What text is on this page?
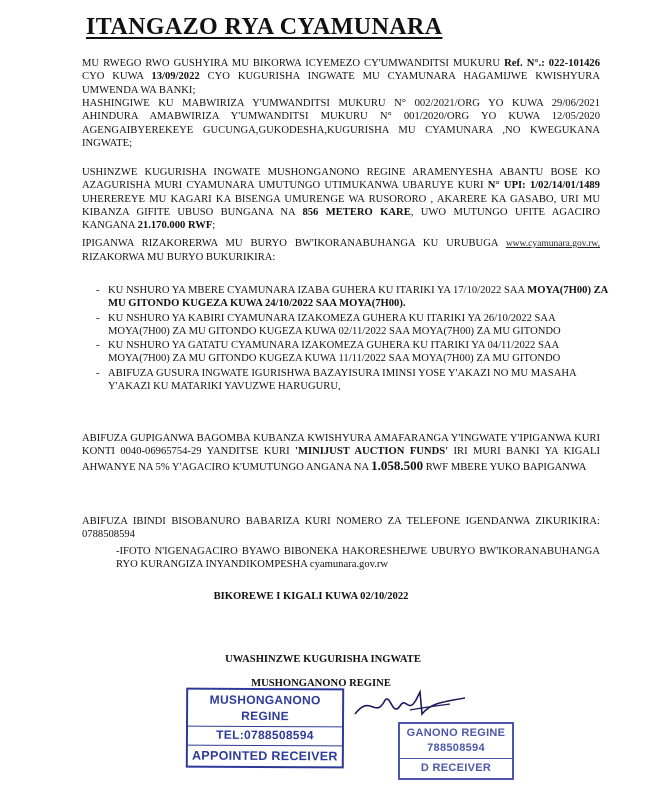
ITANGAZO RYA CYAMUNARA
MU RWEGO RWO GUSHYIRA MU BIKORWA ICYEMEZO CY'UMWANDITSI MUKURU Ref. N°.: 022-101426 CYO KUWA 13/09/2022 CYO KUGURISHA INGWATE MU CYAMUNARA HAGAMIJWE KWISHYURA UMWENDA WA BANKI;
HASHINGIWE KU MABWIRIZA Y'UMWANDITSI MUKURU N° 002/2021/ORG YO KUWA 29/06/2021 AHINDURA AMABWIRIZA Y'UMWANDITSI MUKURU N° 001/2020/ORG YO KUWA 12/05/2020 AGENGAIBYEREKEYE GUCUNGA,GUKODESHA,KUGURISHA MU CYAMUNARA ,NO KWEGUKANA INGWATE;
USHINZWE KUGURISHA INGWATE MUSHONGANONO REGINE ARAMENYESHA ABANTU BOSE KO AZAGURISHA MURI CYAMUNARA UMUTUNGO UTIMUKANWA UBARUYE KURI N° UPI: 1/02/14/01/1489 UHEREREYE MU KAGARI KA BISENGA UMURENGE WA RUSORORO , AKARERE KA GASABO, URI MU KIBANZA GIFITE UBUSO BUNGANA NA 856 METERO KARE, UWO MUTUNGO UFITE AGACIRO KANGANA 21.170.000 RWF;
IPIGANWA RIZAKORERWA MU BURYO BW'IKORANABUHANGA KU URUBUGA www.cyamunara.gov.rw, RIZAKORWA MU BURYO BUKURIKIRA:
- KU NSHURO YA MBERE CYAMUNARA IZABA GUHERA KU ITARIKI YA 17/10/2022 SAA MOYA(7H00) ZA MU GITONDO KUGEZA KUWA 24/10/2022 SAA MOYA(7H00).
- KU NSHURO YA KABIRI CYAMUNARA IZAKOMEZA GUHERA KU ITARIKI YA 26/10/2022 SAA MOYA(7H00) ZA MU GITONDO KUGEZA KUWA 02/11/2022 SAA MOYA(7H00) ZA MU GITONDO
- KU NSHURO YA GATATU CYAMUNARA IZAKOMEZA GUHERA KU ITARIKI YA 04/11/2022 SAA MOYA(7H00) ZA MU GITONDO KUGEZA KUWA 11/11/2022 SAA MOYA(7H00) ZA MU GITONDO
- ABIFUZA GUSURA INGWATE IGURISHWA BAZAYISURA IMINSI YOSE Y'AKAZI NO MU MASAHA Y'AKAZI KU MATARIKI YAVUZWE HARUGURU,
ABIFUZA GUPIGANWA BAGOMBA KUBANZA KWISHYURA AMAFARANGA Y'INGWATE Y'IPIGANWA KURI KONTI 0040-06965754-29 YANDITSE KURI 'MINIJUST AUCTION FUNDS' IRI MURI BANKI YA KIGALI AHWANYE NA 5% Y'AGACIRO K'UMUTUNGO ANGANA NA 1.058.500 RWF MBERE YUKO BAPIGANWA
ABIFUZA IBINDI BISOBANURO BABARIZA KURI NOMERO ZA TELEFONE IGENDANWA ZIKURIKIRA: 0788508594
-IFOTO N'IGENAGACIRO BYAWO BIBONEKA HAKORESHEJWE UBURYO BW'IKORANABUHANGA RYO KURANGIZA INYANDIKOMPESHA cyamunara.gov.rw
BIKOREWE I KIGALI KUWA 02/10/2022
UWASHINZWE KUGURISHA INGWATE
MUSHONGANONO REGINE
MUSHONGANONO REGINE
TEL:0788508594
APPOINTED RECEIVER
GANONO REGINE
788508594
D RECEIVER
